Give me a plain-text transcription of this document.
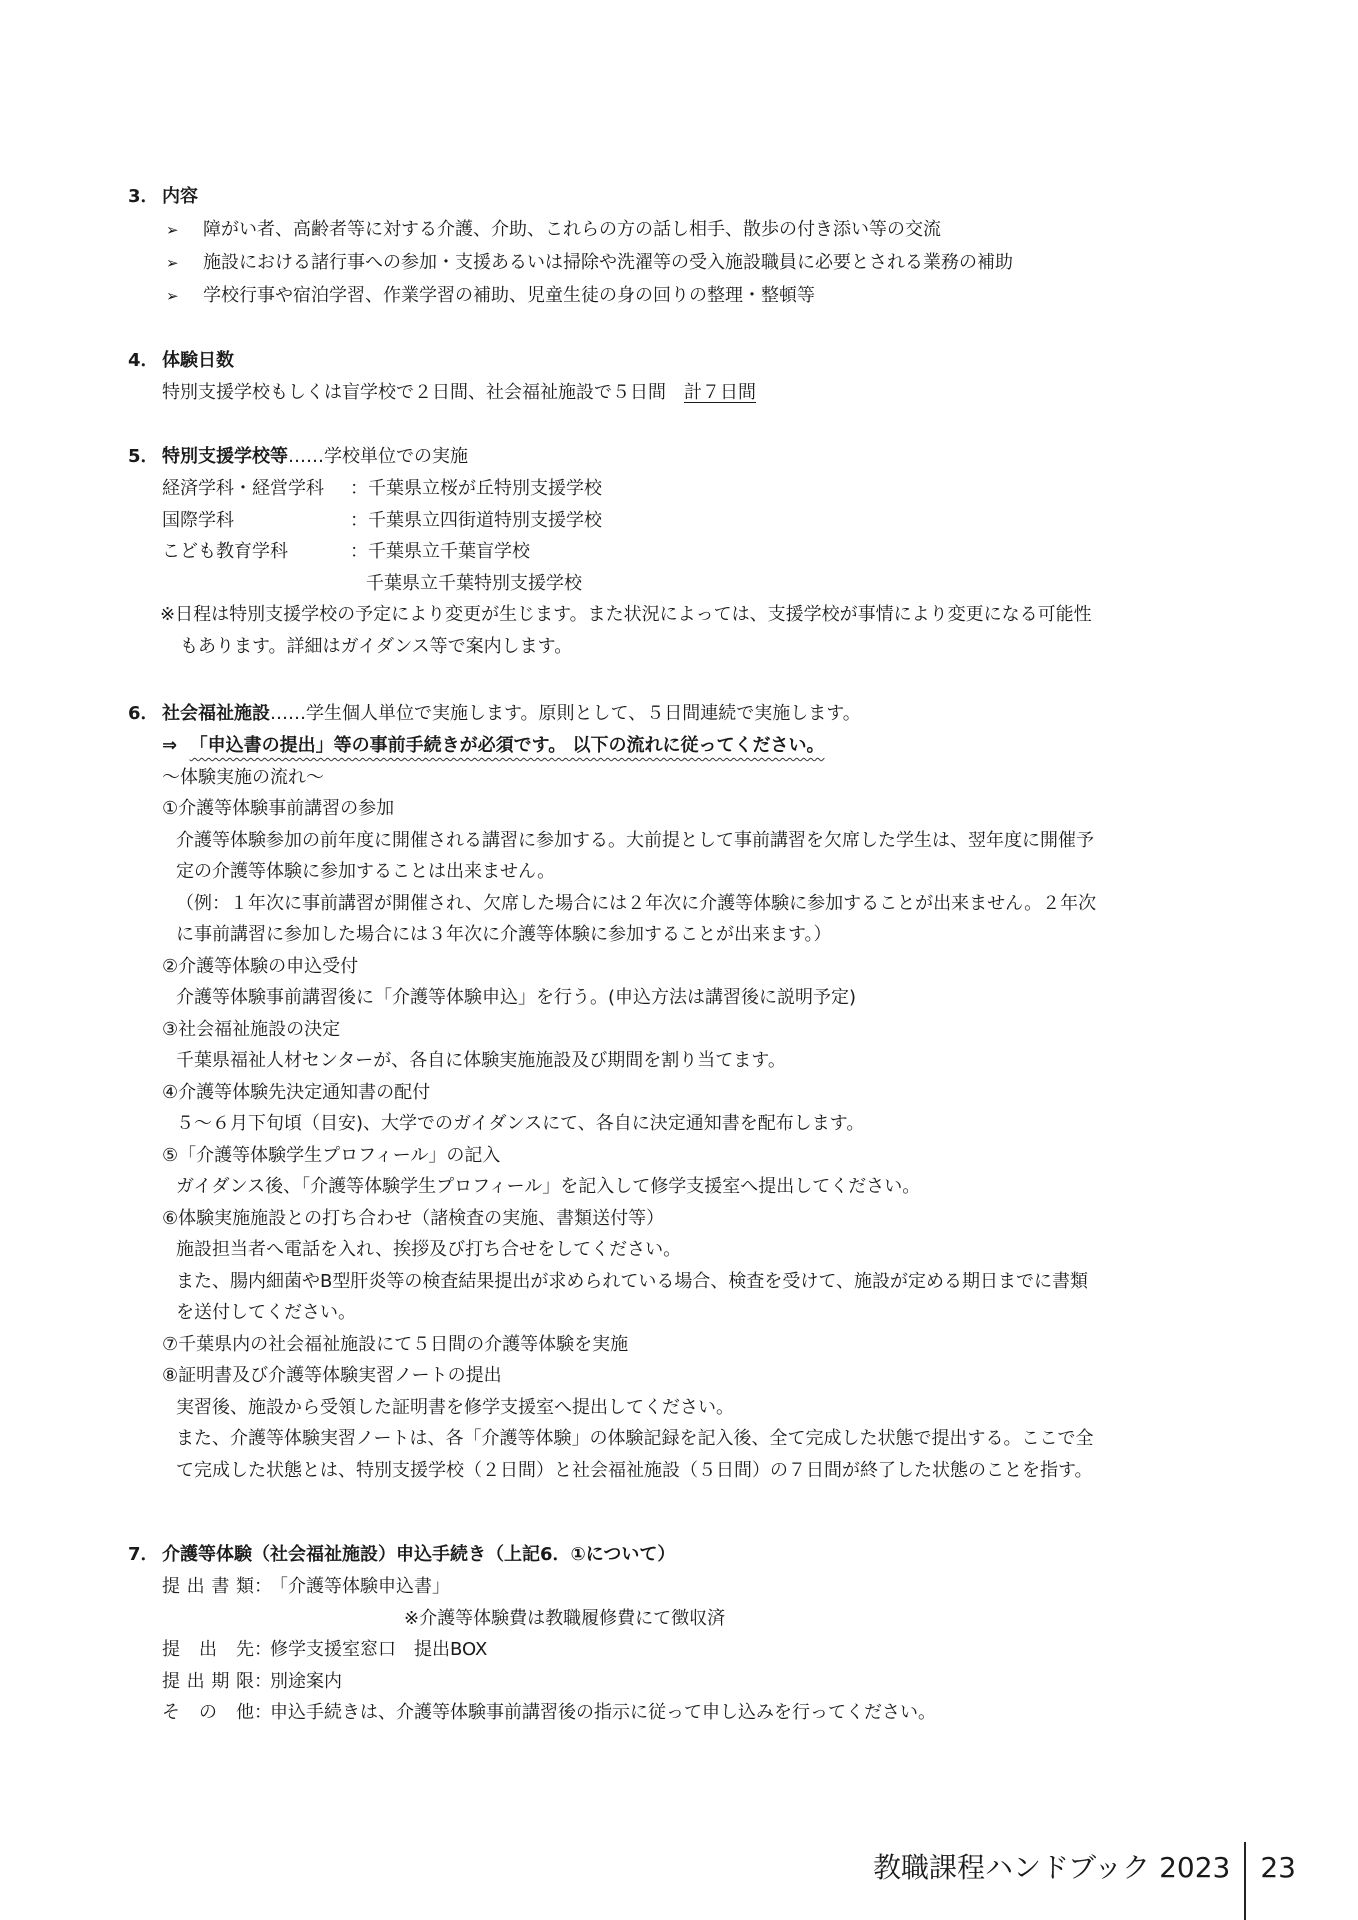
3． 内容
➢ 障がい者、高齢者等に対する介護、介助、これらの方の話し相手、散歩の付き添い等の交流
➢ 施設における諸行事への参加・支援あるいは掃除や洗濯等の受入施設職員に必要とされる業務の補助
➢ 学校行事や宿泊学習、作業学習の補助、児童生徒の身の回りの整理・整頓等
4． 体験日数
特別支援学校もしくは盲学校で２日間、社会福祉施設で５日間　計７日間
5． 特別支援学校等……学校単位での実施
経済学科・経営学科 ：千葉県立桜が丘特別支援学校
国際学科	：千葉県立四街道特別支援学校
こども教育学科	：千葉県立千葉盲学校
千葉県立千葉特別支援学校
※日程は特別支援学校の予定により変更が生じます。また状況によっては、支援学校が事情により変更になる可能性
もあります。詳細はガイダンス等で案内します。
6． 社会福祉施設……学生個人単位で実施します。原則として、５日間連続で実施します。
⇒ 「申込書の提出」等の事前手続きが必須です。 以下の流れに従ってください。
～体験実施の流れ～
①介護等体験事前講習の参加
介護等体験参加の前年度に開催される講習に参加する。大前提として事前講習を欠席した学生は、翌年度に開催予
定の介護等体験に参加することは出来ません。
（例：１年次に事前講習が開催され、欠席した場合には２年次に介護等体験に参加することが出来ません。２年次
に事前講習に参加した場合には３年次に介護等体験に参加することが出来ます。）
②介護等体験の申込受付
介護等体験事前講習後に「介護等体験申込」を行う。(申込方法は講習後に説明予定)
③社会福祉施設の決定
千葉県福祉人材センターが、各自に体験実施施設及び期間を割り当てます。
④介護等体験先決定通知書の配付
５～６月下旬頃（目安)、大学でのガイダンスにて、各自に決定通知書を配布します。
⑤「介護等体験学生プロフィール」の記入
ガイダンス後、「介護等体験学生プロフィール」を記入して修学支援室へ提出してください。
⑥体験実施施設との打ち合わせ（諸検査の実施、書類送付等）
施設担当者へ電話を入れ、挨拶及び打ち合せをしてください。
また、腸内細菌やB型肝炎等の検査結果提出が求められている場合、検査を受けて、施設が定める期日までに書類
を送付してください。
⑦千葉県内の社会福祉施設にて５日間の介護等体験を実施
⑧証明書及び介護等体験実習ノートの提出
実習後、施設から受領した証明書を修学支援室へ提出してください。
また、介護等体験実習ノートは、各「介護等体験」の体験記録を記入後、全て完成した状態で提出する。ここで全
て完成した状態とは、特別支援学校（２日間）と社会福祉施設（５日間）の７日間が終了した状態のことを指す。
7． 介護等体験（社会福祉施設）申込手続き（上記6．①について）
提出書類：「介護等体験申込書」
※介護等体験費は教職履修費にて徴収済
提出先：修学支援室窓口　提出BOX
提出期限：別途案内
その他：申込手続きは、介護等体験事前講習後の指示に従って申し込みを行ってください。
教職課程ハンドブック 2023	23
